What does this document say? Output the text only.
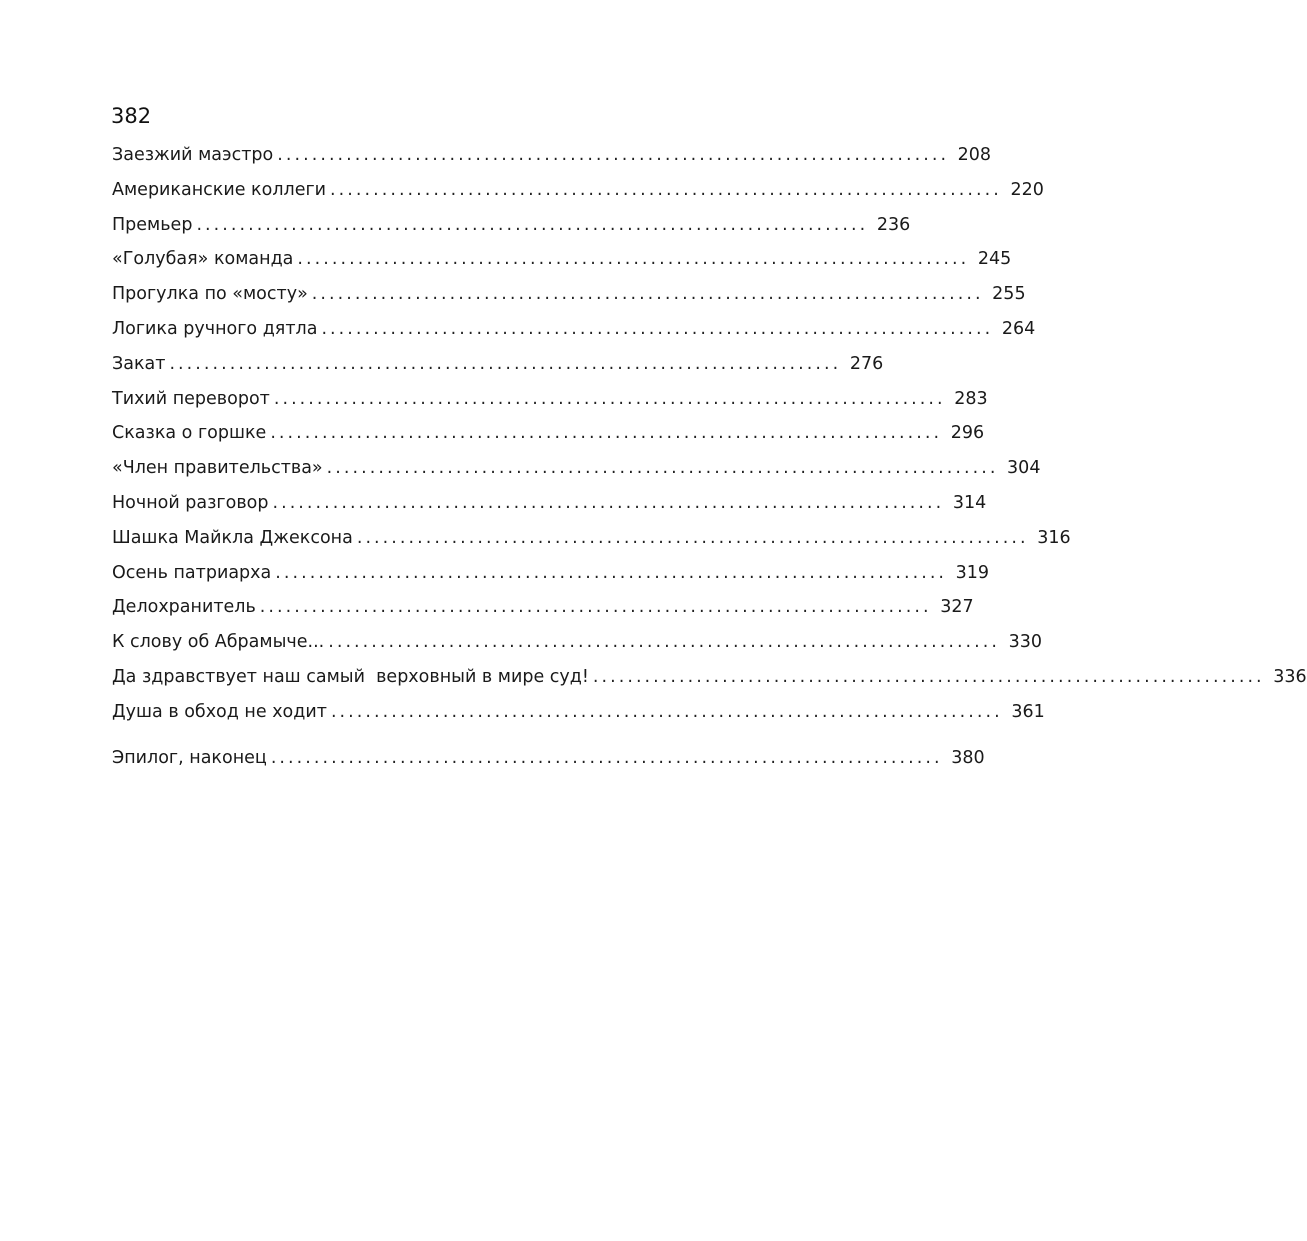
382
Заезжий маэстро .............................................................................. 208
Американские коллеги .............................................................................. 220
Премьер .............................................................................. 236
«Голубая» команда .............................................................................. 245
Прогулка по «мосту» .............................................................................. 255
Логика ручного дятла .............................................................................. 264
Закат .............................................................................. 276
Тихий переворот .............................................................................. 283
Сказка о горшке .............................................................................. 296
«Член правительства» .............................................................................. 304
Ночной разговор .............................................................................. 314
Шашка Майкла Джексона .............................................................................. 316
Осень патриарха .............................................................................. 319
Делохранитель .............................................................................. 327
К слову об Абрамыче... .............................................................................. 330
Да здравствует наш самый  верховный в мире суд! .............................................................................. 336
Душа в обход не ходит .............................................................................. 361
Эпилог, наконец .............................................................................. 380
